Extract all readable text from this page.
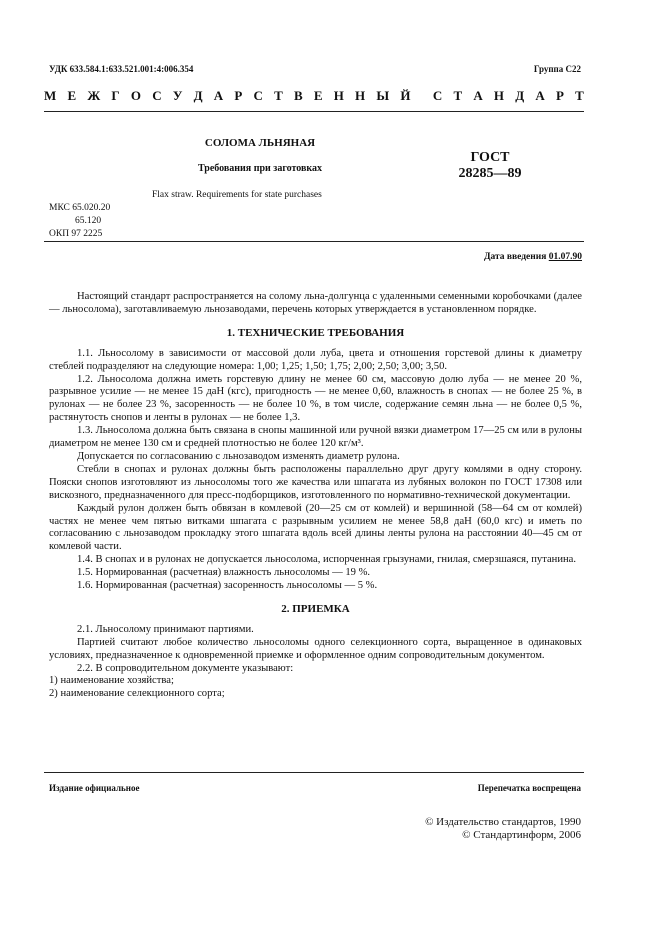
УДК 633.584.1:633.521.001:4:006.354	Группа С22
М Е Ж Г О С У Д А Р С Т В Е Н Н Ы Й С Т А Н Д А Р Т
СОЛОМА ЛЬНЯНАЯ
Требования при заготовках
ГОСТ
28285—89
Flax straw. Requirements for state purchases
МКС 65.020.20
65.120
ОКП 97 2225
Дата введения 01.07.90

Настоящий стандарт распространяется на солому льна-долгунца с удаленными семенными коробочками (далее — льносолома), заготавливаемую льнозаводами, перечень которых утверждается в установленном порядке.

1. ТЕХНИЧЕСКИЕ ТРЕБОВАНИЯ

1.1. Льносолому в зависимости от массовой доли луба, цвета и отношения горстевой длины к диаметру стеблей подразделяют на следующие номера: 1,00; 1,25; 1,50; 1,75; 2,00; 2,50; 3,00; 3,50.

1.2. Льносолома должна иметь горстевую длину не менее 60 см, массовую долю луба — не менее 20 %, разрывное усилие — не менее 15 даН (кгс), пригодность — не менее 0,60, влажность в снопах — не более 25 %, в рулонах — не более 23 %, засоренность — не более 10 %, в том числе, содержание семян льна — не более 0,5 %, растянутость снопов и ленты в рулонах — не более 1,3.

1.3. Льносолома должна быть связана в снопы машинной или ручной вязки диаметром 17—25 см или в рулоны диаметром не менее 130 см и средней плотностью не более 120 кг/м³.

Допускается по согласованию с льнозаводом изменять диаметр рулона.

Стебли в снопах и рулонах должны быть расположены параллельно друг другу комлями в одну сторону. Пояски снопов изготовляют из льносоломы того же качества или шпагата из лубяных волокон по ГОСТ 17308 или вискозного, предназначенного для пресс-подборщиков, изготовленного по нормативно-технической документации.

Каждый рулон должен быть обвязан в комлевой (20—25 см от комлей) и вершинной (58—64 см от комлей) частях не менее чем пятью витками шпагата с разрывным усилием не менее 58,8 даН (60,0 кгс) и иметь по согласованию с льнозаводом прокладку этого шпагата вдоль всей длины ленты рулона на расстоянии 40—45 см от комлевой части.

1.4. В снопах и в рулонах не допускается льносолома, испорченная грызунами, гнилая, смерзшаяся, путанина.

1.5. Нормированная (расчетная) влажность льносоломы — 19 %.

1.6. Нормированная (расчетная) засоренность льносоломы — 5 %.

2. ПРИЕМКА

2.1. Льносолому принимают партиями.

Партией считают любое количество льносоломы одного селекционного сорта, выращенное в одинаковых условиях, предназначенное к одновременной приемке и оформленное одним сопроводительным документом.

2.2. В сопроводительном документе указывают:

1) наименование хозяйства;

2) наименование селекционного сорта;

Издание официальное	Перепечатка воспрещена
© Издательство стандартов, 1990
© Стандартинформ, 2006
